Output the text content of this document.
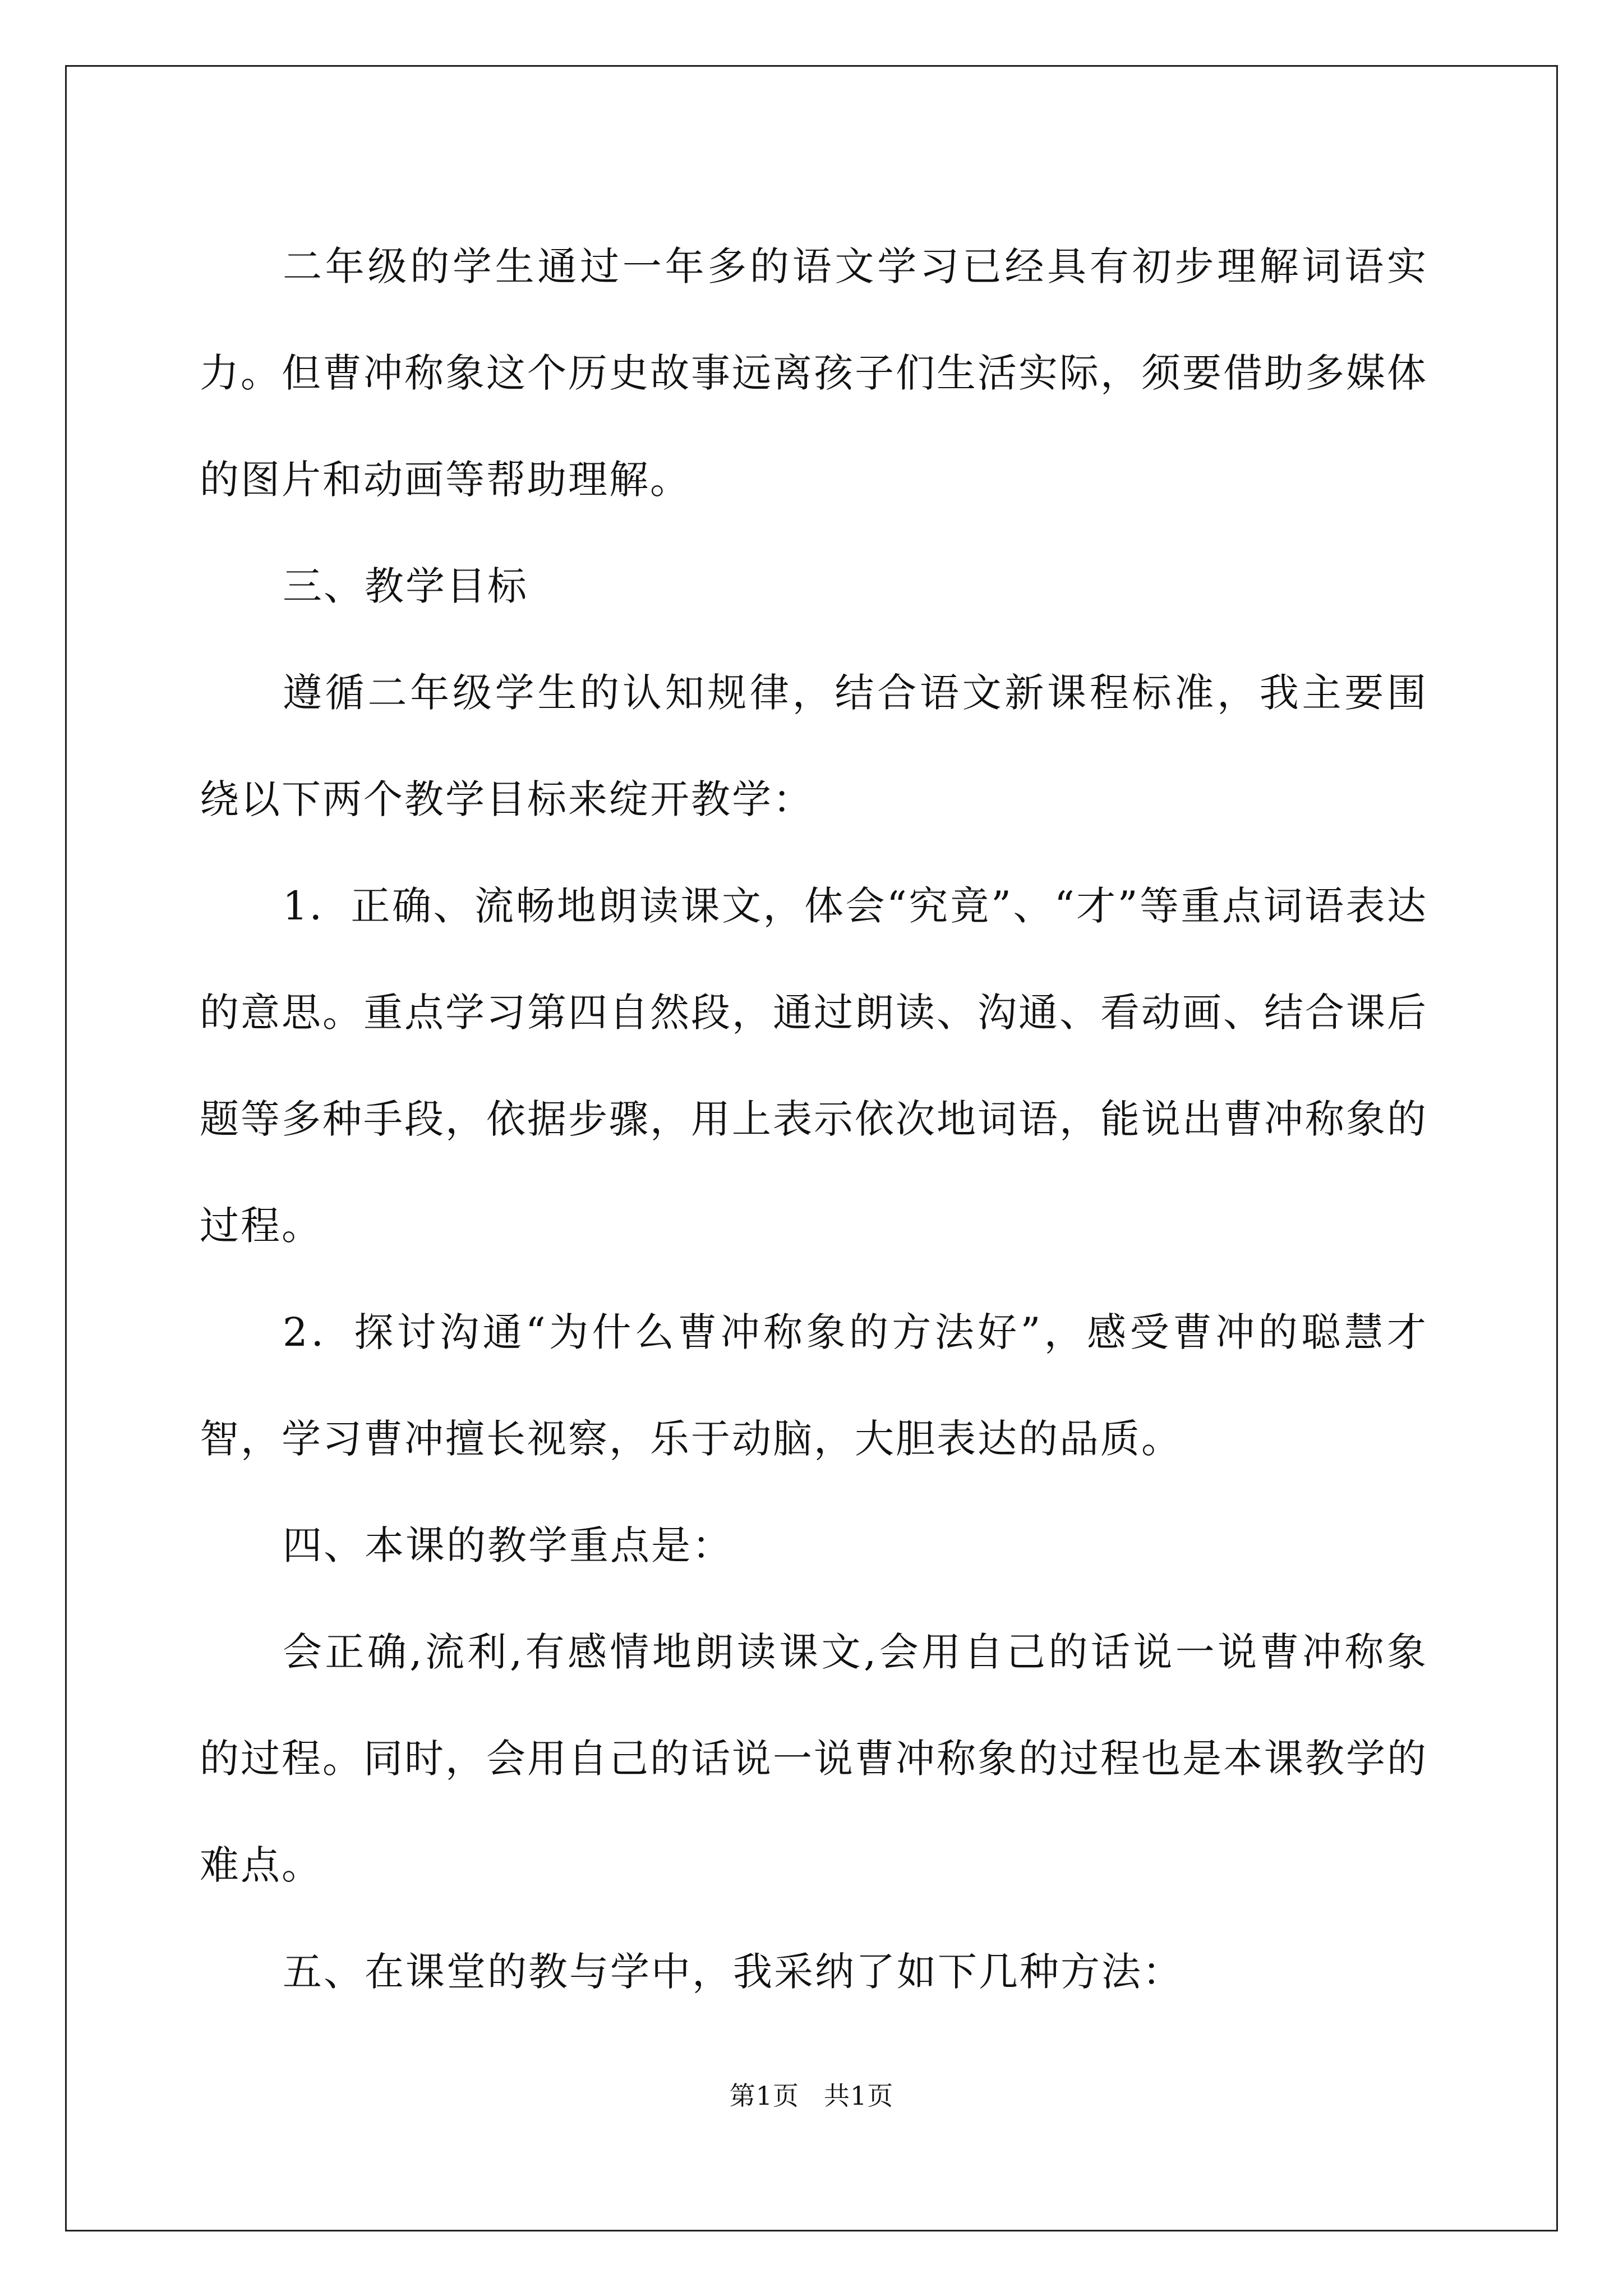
二年级的学生通过一年多的语文学习已经具有初步理解词语实力。但曹冲称象这个历史故事远离孩子们生活实际，须要借助多媒体的图片和动画等帮助理解。

三、教学目标

遵循二年级学生的认知规律，结合语文新课程标准，我主要围绕以下两个教学目标来绽开教学：

1．正确、流畅地朗读课文，体会“究竟”、“才”等重点词语表达的意思。重点学习第四自然段，通过朗读、沟通、看动画、结合课后题等多种手段，依据步骤，用上表示依次地词语，能说出曹冲称象的过程。

2．探讨沟通“为什么曹冲称象的方法好”，感受曹冲的聪慧才智，学习曹冲擅长视察，乐于动脑，大胆表达的品质。

四、本课的教学重点是：

会正确,流利,有感情地朗读课文,会用自己的话说一说曹冲称象的过程。同时，会用自己的话说一说曹冲称象的过程也是本课教学的难点。

五、在课堂的教与学中，我采纳了如下几种方法：

第1页 共1页
